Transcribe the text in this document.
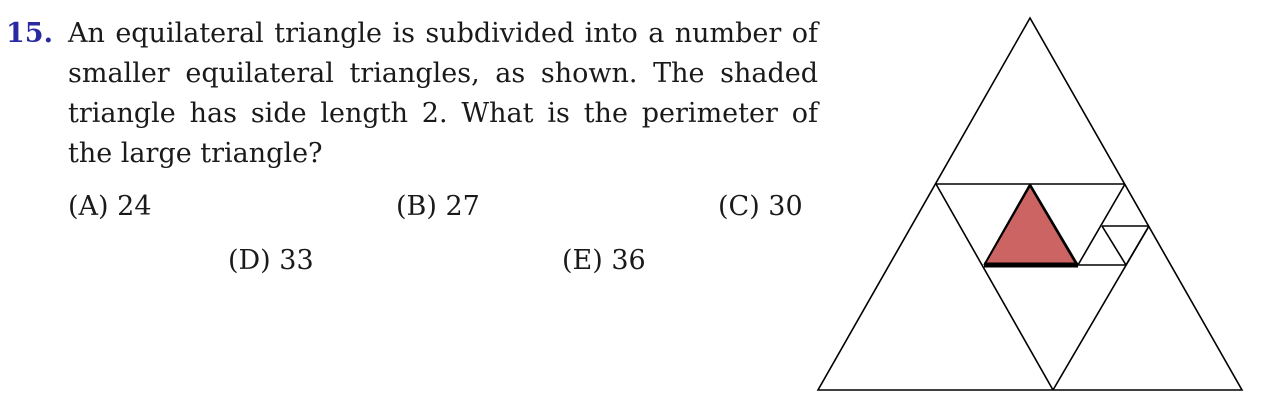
15. An equilateral triangle is subdivided into a number of smaller equilateral triangles, as shown. The shaded triangle has side length 2. What is the perimeter of the large triangle?
(A) 24	(B) 27	(C) 30
(D) 33	(E) 36
